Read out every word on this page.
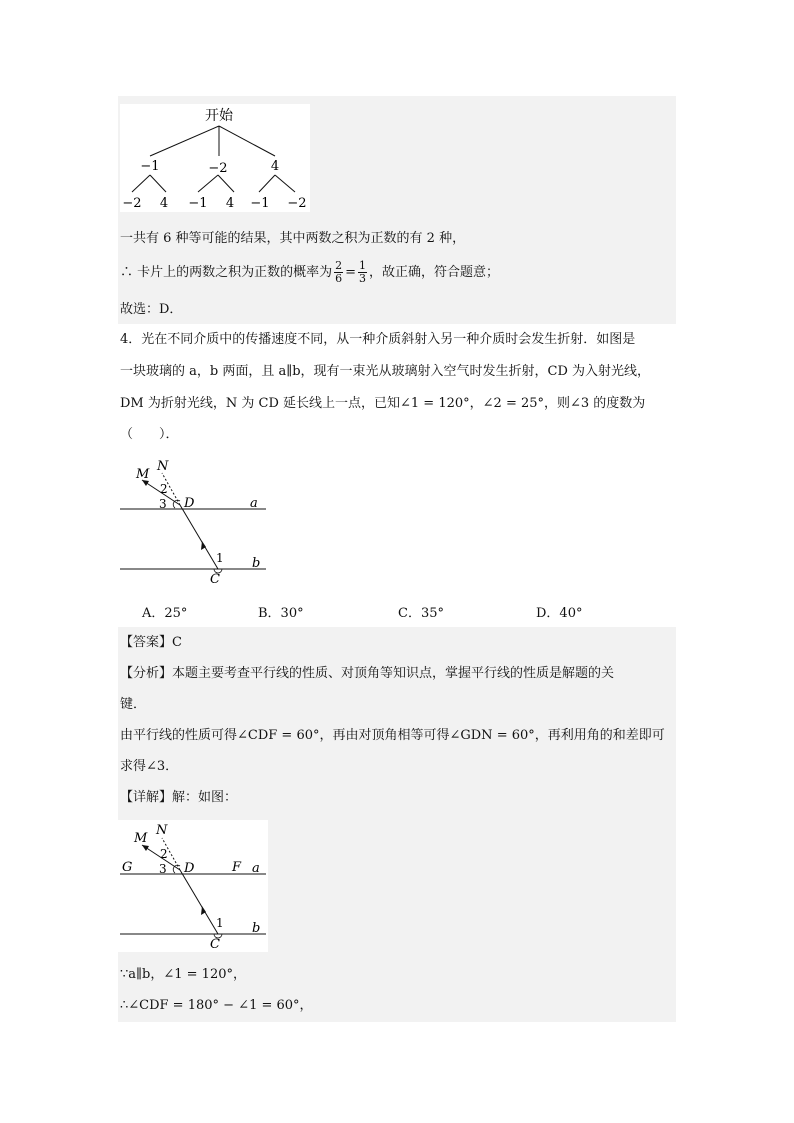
开始
−1	−2	4
−2 4 −1 4 −1 −2
一共有 6 种等可能的结果，其中两数之积为正数的有 2 种，
∴ 卡片上的两数之积为正数的概率为 $\frac{2}{6} = \frac{1}{3}$ ，故正确，符合题意；
故选：D．
4．光在不同介质中的传播速度不同，从一种介质斜射入另一种介质时会发生折射．如图是
一块玻璃的 a，b 两面，且 a∥b，现有一束光从玻璃射入空气时发生折射，CD 为入射光线，
DM 为折射光线，N 为 CD 延长线上一点，已知∠1 = 120°，∠2 = 25°，则∠3 的度数为
（　　）．
M
N
2
3 D	a
1 b
C
A．25°	B．30°	C．35°	D．40°
【答案】C
【分析】本题主要考查平行线的性质、对顶角等知识点，掌握平行线的性质是解题的关
键．
由平行线的性质可得∠CDF = 60°，再由对顶角相等可得∠GDN = 60°，再利用角的和差即可
求得∠3．
【详解】解：如图：
M
N
2
3
G	D	F a
1 b
C
∵a∥b，∠1 = 120°，
∴∠CDF = 180° − ∠1 = 60°，
